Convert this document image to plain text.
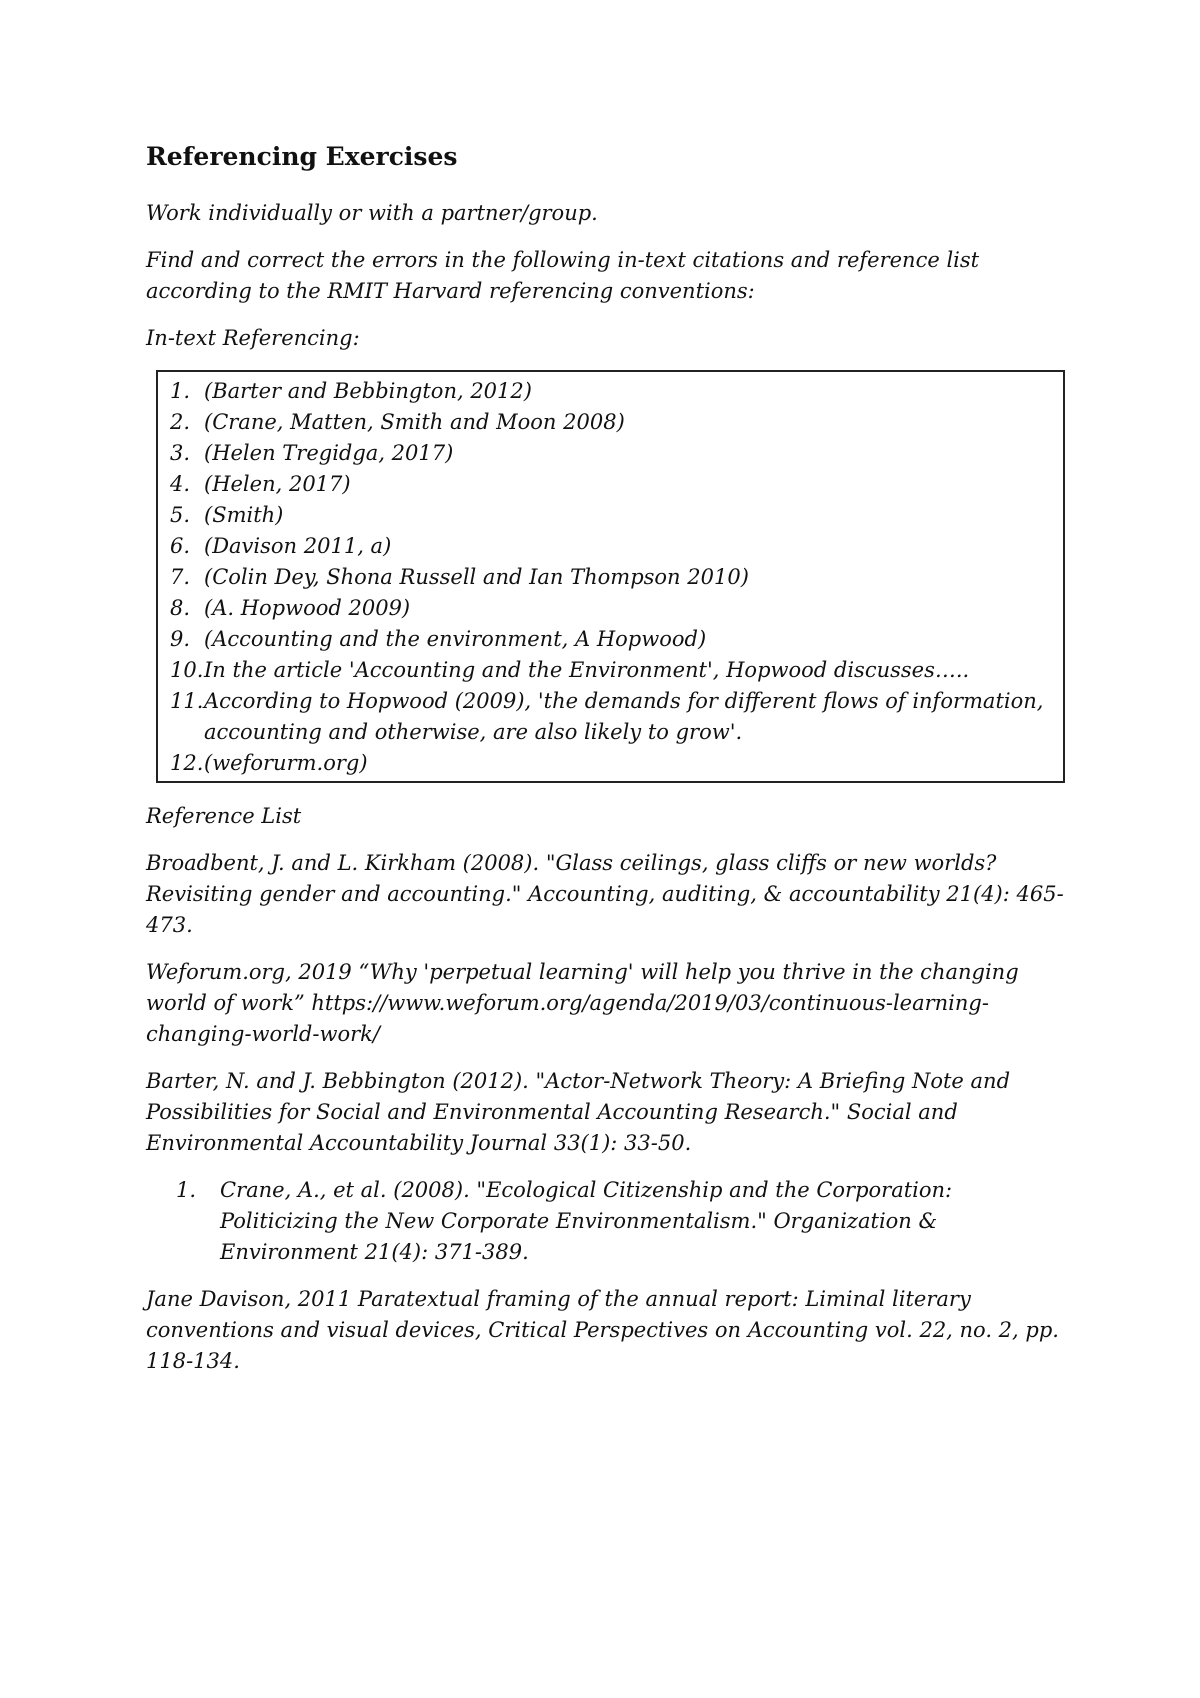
Referencing Exercises

Work individually or with a partner/group.

Find and correct the errors in the following in-text citations and reference list according to the RMIT Harvard referencing conventions:

In-text Referencing:

1. (Barter and Bebbington, 2012)
2. (Crane, Matten, Smith and Moon 2008)
3. (Helen Tregidga, 2017)
4. (Helen, 2017)
5. (Smith)
6. (Davison 2011, a)
7. (Colin Dey, Shona Russell and Ian Thompson 2010)
8. (A. Hopwood 2009)
9. (Accounting and the environment, A Hopwood)
10. In the article 'Accounting and the Environment', Hopwood discusses…..
11. According to Hopwood (2009), 'the demands for different flows of information, accounting and otherwise, are also likely to grow'.
12. (weforurm.org)

Reference List

Broadbent, J. and L. Kirkham (2008). "Glass ceilings, glass cliffs or new worlds? Revisiting gender and accounting." Accounting, auditing, & accountability 21(4): 465-473.

Weforum.org, 2019 “Why 'perpetual learning' will help you thrive in the changing world of work” https://www.weforum.org/agenda/2019/03/continuous-learning-changing-world-work/

Barter, N. and J. Bebbington (2012). "Actor-Network Theory: A Briefing Note and Possibilities for Social and Environmental Accounting Research." Social and Environmental Accountability Journal 33(1): 33-50.

1.	Crane, A., et al. (2008). "Ecological Citizenship and the Corporation: Politicizing the New Corporate Environmentalism." Organization & Environment 21(4): 371-389.

Jane Davison, 2011 Paratextual framing of the annual report: Liminal literary conventions and visual devices, Critical Perspectives on Accounting vol. 22, no. 2, pp. 118-134.
